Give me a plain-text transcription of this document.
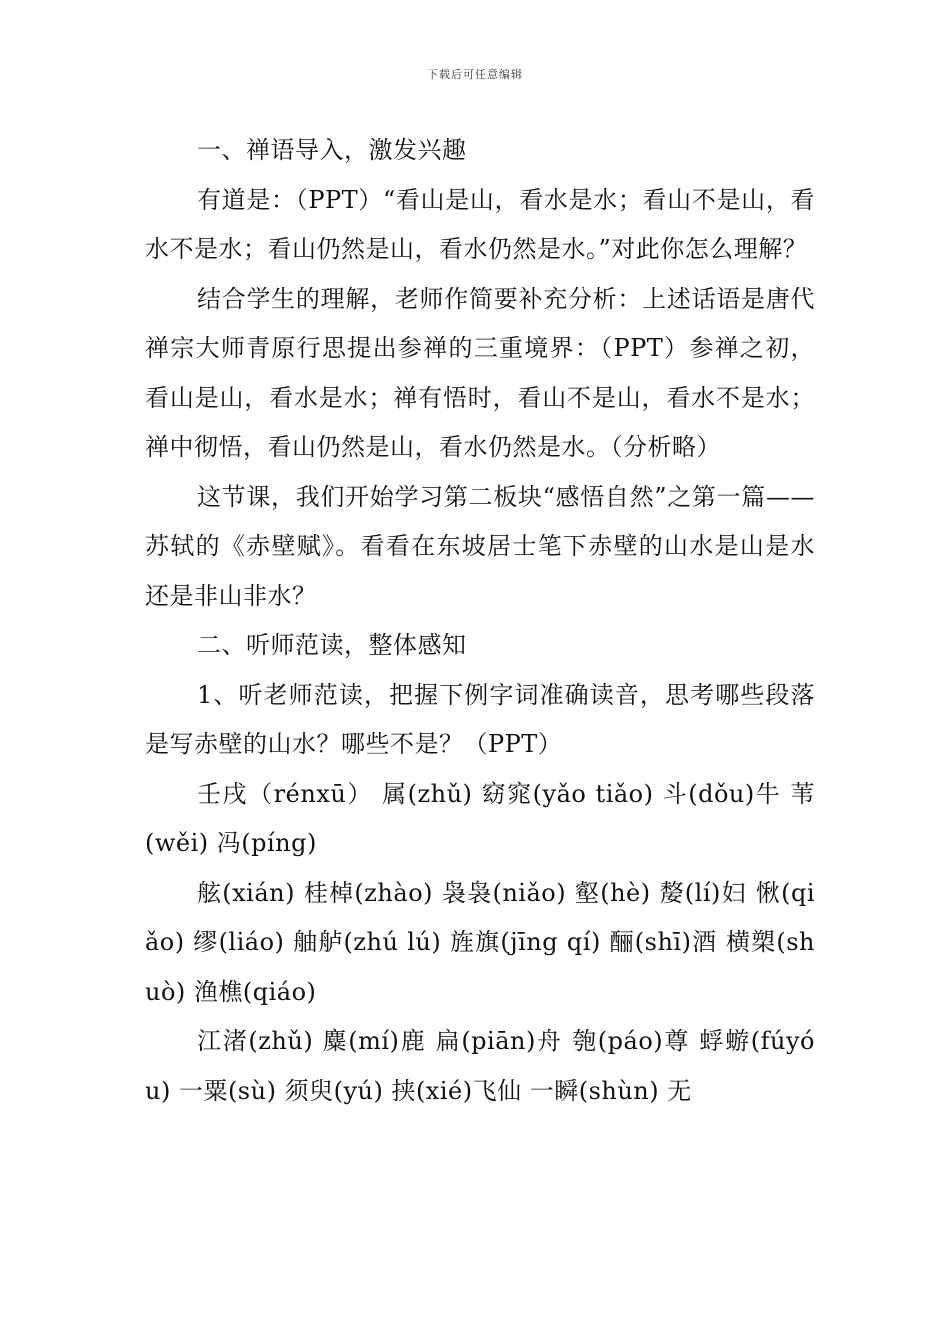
下载后可任意编辑

一、禅语导入，激发兴趣

有道是：（PPT）“看山是山，看水是水；看山不是山，看水不是水；看山仍然是山，看水仍然是水。”对此你怎么理解？

结合学生的理解，老师作简要补充分析：上述话语是唐代禅宗大师青原行思提出参禅的三重境界：（PPT）参禅之初，看山是山，看水是水；禅有悟时，看山不是山，看水不是水；禅中彻悟，看山仍然是山，看水仍然是水。（分析略）

这节课，我们开始学习第二板块“感悟自然”之第一篇——苏轼的《赤壁赋》。看看在东坡居士笔下赤壁的山水是山是水还是非山非水？

二、听师范读，整体感知

1、听老师范读，把握下例字词准确读音，思考哪些段落是写赤壁的山水？哪些不是？（PPT）

壬戌（rénxū） 属(zhǔ) 窈窕(yǎo tiǎo) 斗(dǒu)牛 苇(wěi) 冯(píng)

舷(xián) 桂棹(zhào) 袅袅(niǎo) 壑(hè) 嫠(lí)妇 愀(qiǎo) 缪(liáo) 舳舻(zhú lú) 旌旗(jīng qí) 酾(shī)酒 横槊(shuò) 渔樵(qiáo)

江渚(zhǔ) 麋(mí)鹿 扁(piān)舟 匏(páo)尊 蜉蝣(fúyóu) 一粟(sù) 须臾(yú) 挟(xié)飞仙 一瞬(shùn) 无
